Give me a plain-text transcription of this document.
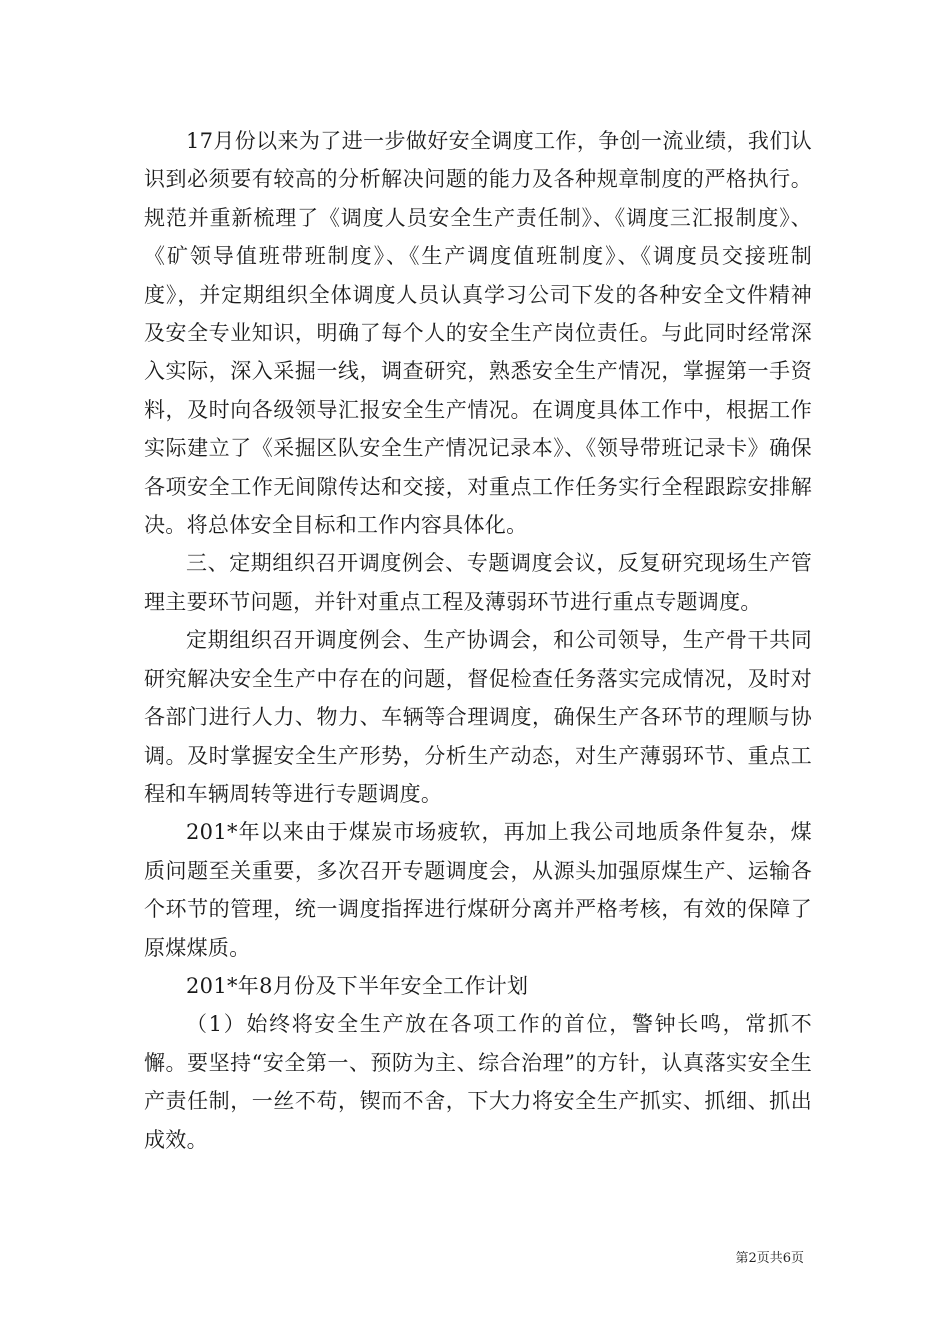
17月份以来为了进一步做好安全调度工作，争创一流业绩，我们认识到必须要有较高的分析解决问题的能力及各种规章制度的严格执行。规范并重新梳理了《调度人员安全生产责任制》、《调度三汇报制度》、《矿领导值班带班制度》、《生产调度值班制度》、《调度员交接班制度》，并定期组织全体调度人员认真学习公司下发的各种安全文件精神及安全专业知识，明确了每个人的安全生产岗位责任。与此同时经常深入实际，深入采掘一线，调查研究，熟悉安全生产情况，掌握第一手资料，及时向各级领导汇报安全生产情况。在调度具体工作中，根据工作实际建立了《采掘区队安全生产情况记录本》、《领导带班记录卡》确保各项安全工作无间隙传达和交接，对重点工作任务实行全程跟踪安排解决。将总体安全目标和工作内容具体化。

三、定期组织召开调度例会、专题调度会议，反复研究现场生产管理主要环节问题，并针对重点工程及薄弱环节进行重点专题调度。

定期组织召开调度例会、生产协调会，和公司领导，生产骨干共同研究解决安全生产中存在的问题，督促检查任务落实完成情况，及时对各部门进行人力、物力、车辆等合理调度，确保生产各环节的理顺与协调。及时掌握安全生产形势，分析生产动态，对生产薄弱环节、重点工程和车辆周转等进行专题调度。

201*年以来由于煤炭市场疲软，再加上我公司地质条件复杂，煤质问题至关重要，多次召开专题调度会，从源头加强原煤生产、运输各个环节的管理，统一调度指挥进行煤研分离并严格考核，有效的保障了原煤煤质。

201*年8月份及下半年安全工作计划

（1）始终将安全生产放在各项工作的首位，警钟长鸣，常抓不懈。要坚持“安全第一、预防为主、综合治理”的方针，认真落实安全生产责任制，一丝不苟，锲而不舍，下大力将安全生产抓实、抓细、抓出成效。

第2页共6页
